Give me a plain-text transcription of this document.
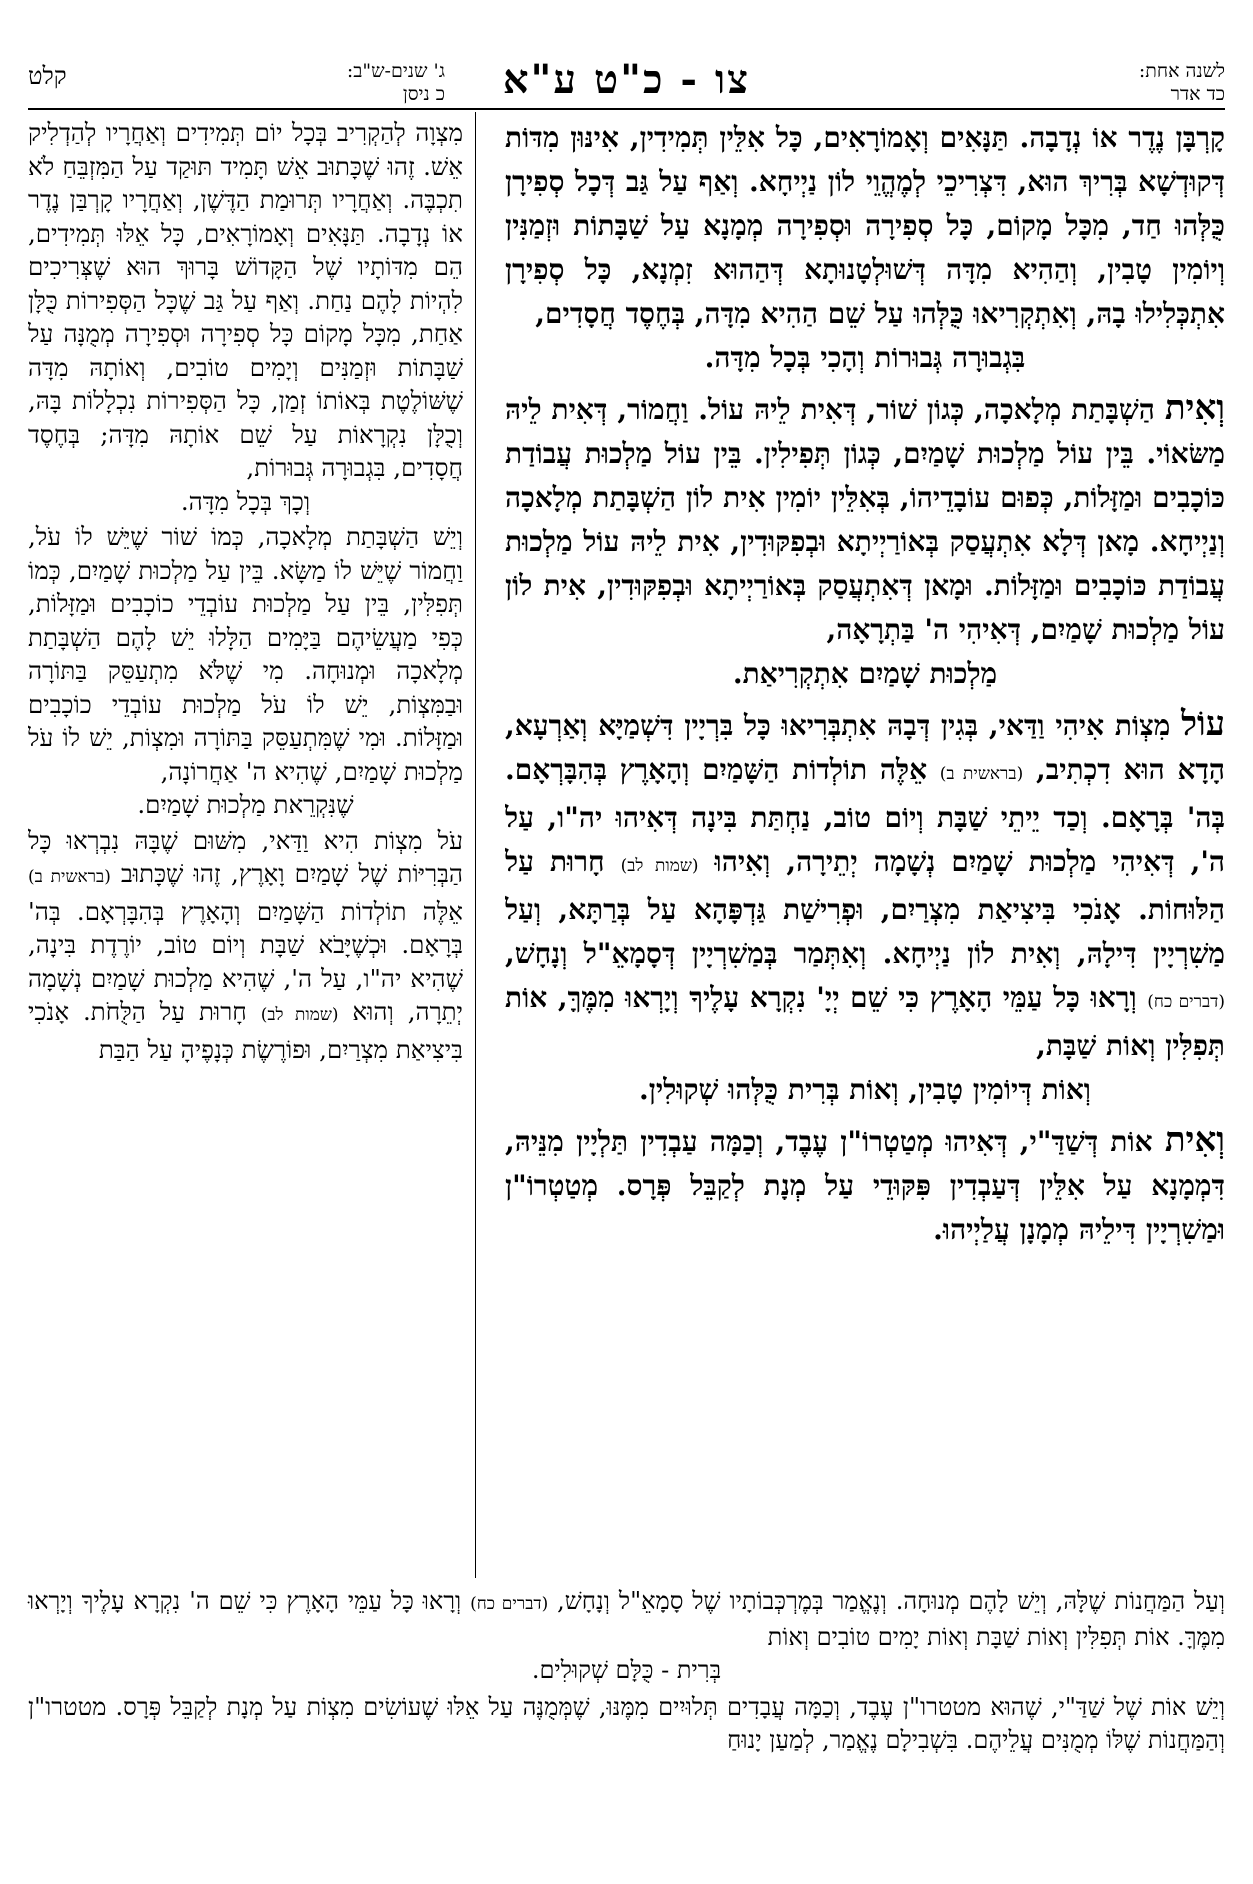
לשנה אחת:
כד אדר
צו - כ"ט ע"א
ג' שנים-ש"ב:
כ ניסן
קלט

קָרְבָּן נֶדֶר אוֹ נְדָבָה. תַּנָּאִים וְאָמוֹרָאִים, כָּל אִלֵּין תְּמִידִין, אִינּוּן מִדּוֹת דְּקוּדְשָׁא בְּרִיךְ הוּא, דִּצְרִיכֵי לְמֶהֱוֵי לוֹן נַיְיחָא. וְאַף עַל גַּב דְּכָל סְפִירָן כֻּלְּהוּ חַד, מִכָּל מָקוֹם, כָּל סְפִירָה וּסְפִירָה מְמָנָא עַל שַׁבָּתוֹת וּזְמַנִּין וְיוֹמִין טָבִין, וְהַהִיא מִדָּה דְּשׁוּלְטָנוּתָא דְּהַהוּא זִמְנָא, כָּל סְפִירָן אִתְכְּלִילוּ בָהּ, וְאִתְקְרִיאוּ כֻּלְּהוּ עַל שֵׁם הַהִיא מִדָּה, בְּחֶסֶד חֲסָדִים,

בִּגְבוּרָה גְּבוּרוֹת וְהָכִי בְּכָל מִדָּה.

וְאִית הַשְׁבָּתַת מְלָאכָה, כְּגוֹן שׁוֹר, דְּאִית לֵיהּ עוֹל. וַחֲמוֹר, דְּאִית לֵיהּ מַשּׂאוֹי. בֵּין עוֹל מַלְכוּת שָׁמַיִם, כְּגוֹן תְּפִילִין. בֵּין עוֹל מַלְכוּת עֲבוֹדַת כּוֹכָבִים וּמַזָּלוֹת, כְּפוּם עוֹבָדֵיהוֹ, בְּאִלֵּין יוֹמִין אִית לוֹן הַשְׁבָּתַת מְלָאכָה וְנַיְיחָא. מָאן דְּלָא אִתְעֲסַק בְּאוֹרַיְיתָא וּבְפִקּוּדִין, אִית לֵיהּ עוֹל מַלְכוּת עֲבוֹדַת כּוֹכָבִים וּמַזָּלוֹת. וּמָאן דְּאִתְעֲסַק בְּאוֹרַיְיתָא וּבְפִקּוּדִין, אִית לוֹן עוֹל מַלְכוּת שָׁמַיִם, דְּאִיהִי ה' בַּתְרָאָה,

מַלְכוּת שָׁמַיִם אִתְקְרִיאַת.

עוֹל מִצְוֹת אִיהִי וַדַּאי, בְּגִין דְּבָהּ אִתְבְּרִיאוּ כָּל בִּרְיָין דִּשְׁמַיָּא וְאַרְעָא, הָדָא הוּא דִכְתִיב, (בראשית ב) אֵלֶּה תוֹלְדוֹת הַשָּׁמַיִם וְהָאָרֶץ בְּהִבָּרְאָם. בְּה' בְּרָאָם. וְכַד יֵיתֵי שַׁבָּת וְיוֹם טוֹב, נַחְתַּת בִּינָה דְּאִיהוּ יה"ו, עַל ה', דְּאִיהִי מַלְכוּת שָׁמַיִם נְשָׁמָה יְתֵירָה, וְאִיהוּ (שמות לב) חָרוּת עַל הַלּוּחוֹת. אָנֹכִי בִּיצִיאַת מִצְרַיִם, וּפְרִישַׁת גַּדְפָּהָא עַל בְּרַתָּא, וְעַל מַשִׁרְיָין דִּילָהּ, וְאִית לוֹן נַיְיחָא. וְאִתְּמַר בְּמַשִׁרְיָין דְּסָמָאֵ"ל וְנָחָשׁ, (דברים כח) וְרָאוּ כָּל עַמֵּי הָאָרֶץ כִּי שֵׁם יְיָ' נִקְרָא עָלֶיךָ וְיָרְאוּ מִמֶּךָּ, אוֹת תְּפִלִּין וְאוֹת שַׁבָּת,

וְאוֹת דְּיוֹמִין טָבִין, וְאוֹת בְּרִית כֻּלְּהוּ שְׁקוּלִין.

וְאִית אוֹת דְּשַׁדַּ"י, דְּאִיהוּ מְטַטְרוֹ"ן עֶבֶד, וְכַמָּה עַבְדִין תַּלְיָין מִנֵּיהּ, דִּמְמָנָא עַל אִלֵּין דְּעַבְדִין פִּקּוּדֵי עַל מְנָת לְקַבֵּל פְּרָס. מְטַטְרוֹ"ן וּמַשִׁרְיָין דִּילֵיהּ מְמָנָן עֲלַיְיהוּ.

מִצְוָה לְהַקְרִיב בְּכָל יוֹם תְּמִידִים וְאַחֲרָיו לְהַדְלִיק אֵשׁ. זֶהוּ שֶׁכָּתוּב אֵשׁ תָּמִיד תּוּקַד עַל הַמִּזְבֵּחַ לֹא תִכְבֶּה. וְאַחֲרָיו תְּרוּמַת הַדֶּשֶׁן, וְאַחֲרָיו קָרְבַּן נֶדֶר אוֹ נְדָבָה. תַּנָּאִים וְאָמוֹרָאִים, כָּל אֵלּוּ תְּמִידִים, הֵם מִדּוֹתָיו שֶׁל הַקָּדוֹשׁ בָּרוּךְ הוּא שֶׁצְּרִיכִים לִהְיוֹת לָהֶם נַחַת. וְאַף עַל גַּב שֶׁכָּל הַסְּפִירוֹת כֻּלָּן אַחַת, מִכָּל מָקוֹם כָּל סְפִירָה וּסְפִירָה מְמֻנָּה עַל שַׁבָּתוֹת וּזְמַנִּים וְיָמִים טוֹבִים, וְאוֹתָהּ מִדָּה שֶׁשּׁוֹלֶטֶת בְּאוֹתוֹ זְמַן, כָּל הַסְּפִירוֹת נִכְלָלוֹת בָּהּ, וְכֻלָּן נִקְרָאוֹת עַל שֵׁם אוֹתָהּ מִדָּה; בְּחֶסֶד חֲסָדִים, בִּגְבוּרָה גְּבוּרוֹת,

וְכָךְ בְּכָל מִדָּה.

וְיֵשׁ הַשְׁבָּתַת מְלָאכָה, כְּמוֹ שׁוֹר שֶׁיֵּשׁ לוֹ עֹל, וַחֲמוֹר שֶׁיֵּשׁ לוֹ מַשָּׂא. בֵּין עַל מַלְכוּת שָׁמַיִם, כְּמוֹ תְּפִלִּין, בֵּין עַל מַלְכוּת עוֹבְדֵי כוֹכָבִים וּמַזָּלוֹת, כְּפִי מַעֲשֵׂיהֶם בַּיָּמִים הַלָּלוּ יֵשׁ לָהֶם הַשְׁבָּתַת מְלָאכָה וּמְנוּחָה. מִי שֶׁלֹּא מִתְעַסֵּק בַּתּוֹרָה וּבַמִּצְוֹת, יֵשׁ לוֹ עֹל מַלְכוּת עוֹבְדֵי כוֹכָבִים וּמַזָּלוֹת. וּמִי שֶׁמִּתְעַסֵּק בַּתּוֹרָה וּמִצְוֹת, יֵשׁ לוֹ עֹל מַלְכוּת שָׁמַיִם, שֶׁהִיא ה' אַחֲרוֹנָה,

שֶׁנִּקְרֵאת מַלְכוּת שָׁמַיִם.

עֹל מִצְוֹת הִיא וַדַּאי, מִשּׁוּם שֶׁבָּהּ נִבְרְאוּ כָּל הַבְּרִיּוֹת שֶׁל שָׁמַיִם וָאָרֶץ, זֶהוּ שֶׁכָּתוּב (בראשית ב) אֵלֶּה תוֹלְדוֹת הַשָּׁמַיִם וְהָאָרֶץ בְּהִבָּרְאָם. בְּה' בְּרָאָם. וּכְשֶׁיָּבֹא שַׁבָּת וְיוֹם טוֹב, יוֹרֶדֶת בִּינָה, שֶׁהִיא יה"ו, עַל ה', שֶׁהִיא מַלְכוּת שָׁמַיִם נְשָׁמָה יְתֵרָה, וְהוּא (שמות לב) חָרוּת עַל הַלֻּחֹת. אָנֹכִי בִּיצִיאַת מִצְרַיִם, וּפוֹרֶשֶׂת כְּנָפֶיהָ עַל הַבַּת

וְעַל הַמַּחֲנוֹת שֶׁלָּהּ, וְיֵשׁ לָהֶם מְנוּחָה. וְנֶאֱמַר בְּמֶרְכְּבוֹתָיו שֶׁל סָמָאֵ"ל וְנָחָשׁ, (דברים כח) וְרָאוּ כָּל עַמֵּי הָאָרֶץ כִּי שֵׁם ה' נִקְרָא עָלֶיךָ וְיָרְאוּ מִמֶּךָּ. אוֹת תְּפִלִּין וְאוֹת שַׁבָּת וְאוֹת יָמִים טוֹבִים וְאוֹת

בְּרִית - כֻּלָּם שְׁקוּלִים.

וְיֵשׁ אוֹת שֶׁל שַׁדַּ"י, שֶׁהוּא מטטרו"ן עֶבֶד, וְכַמָּה עֲבָדִים תְּלוּיִים מִמֶּנּוּ, שֶׁמְּמֻנֶּה עַל אֵלּוּ שֶׁעוֹשִׂים מִצְוֹת עַל מְנָת לְקַבֵּל פְּרָס. מטטרו"ן וְהַמַּחֲנוֹת שֶׁלּוֹ מְמֻנִּים עֲלֵיהֶם. בִּשְׁבִילָם נֶאֱמַר, לְמַעַן יָנוּחַ
